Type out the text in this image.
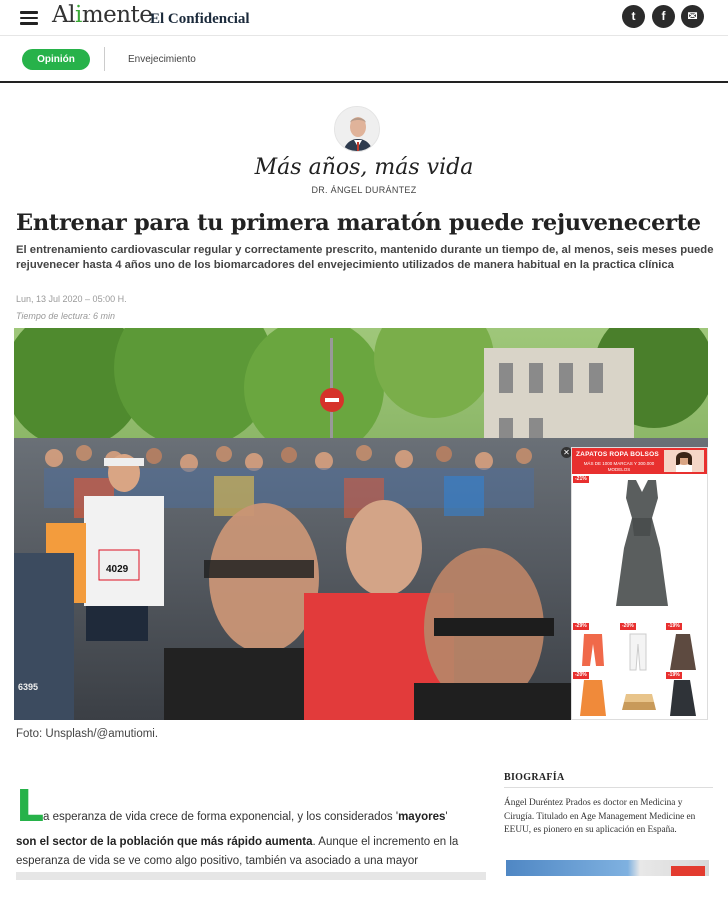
Alimente
El Confidencial	t	f	✉
Opinión	Envejecimiento
Más años, más vida
DR. ÁNGEL DURÁNTEZ
Entrenar para tu primera maratón puede rejuvenecerte

El entrenamiento cardiovascular regular y correctamente prescrito, mantenido durante un tiempo de, al menos, seis meses puede rejuvenecer hasta 4 años uno de los biomarcadores del envejecimiento utilizados de manera habitual en la practica clínica

Lun, 13 Jul 2020 – 05:00 H.
Tiempo de lectura: 6 min
4029
6395
Foto: Unsplash/@amutiomi.
✕ ZAPATOS ROPA BOLSOS
MÁS DE 1000 MARCAS Y 300.000 MODELOS
-21%
-29%	-20%	-19%
-20%	-19%
L
a esperanza de vida crece de forma exponencial, y los considerados 'mayores'
son el sector de la población que más rápido aumenta. Aunque el incremento en la
esperanza de vida se ve como algo positivo, también va asociado a una mayor
BIOGRAFÍA
Ángel Duréntez Prados es doctor en Medicina y Cirugía. Titulado en Age Management Medicine en EEUU, es pionero en su aplicación en España.
